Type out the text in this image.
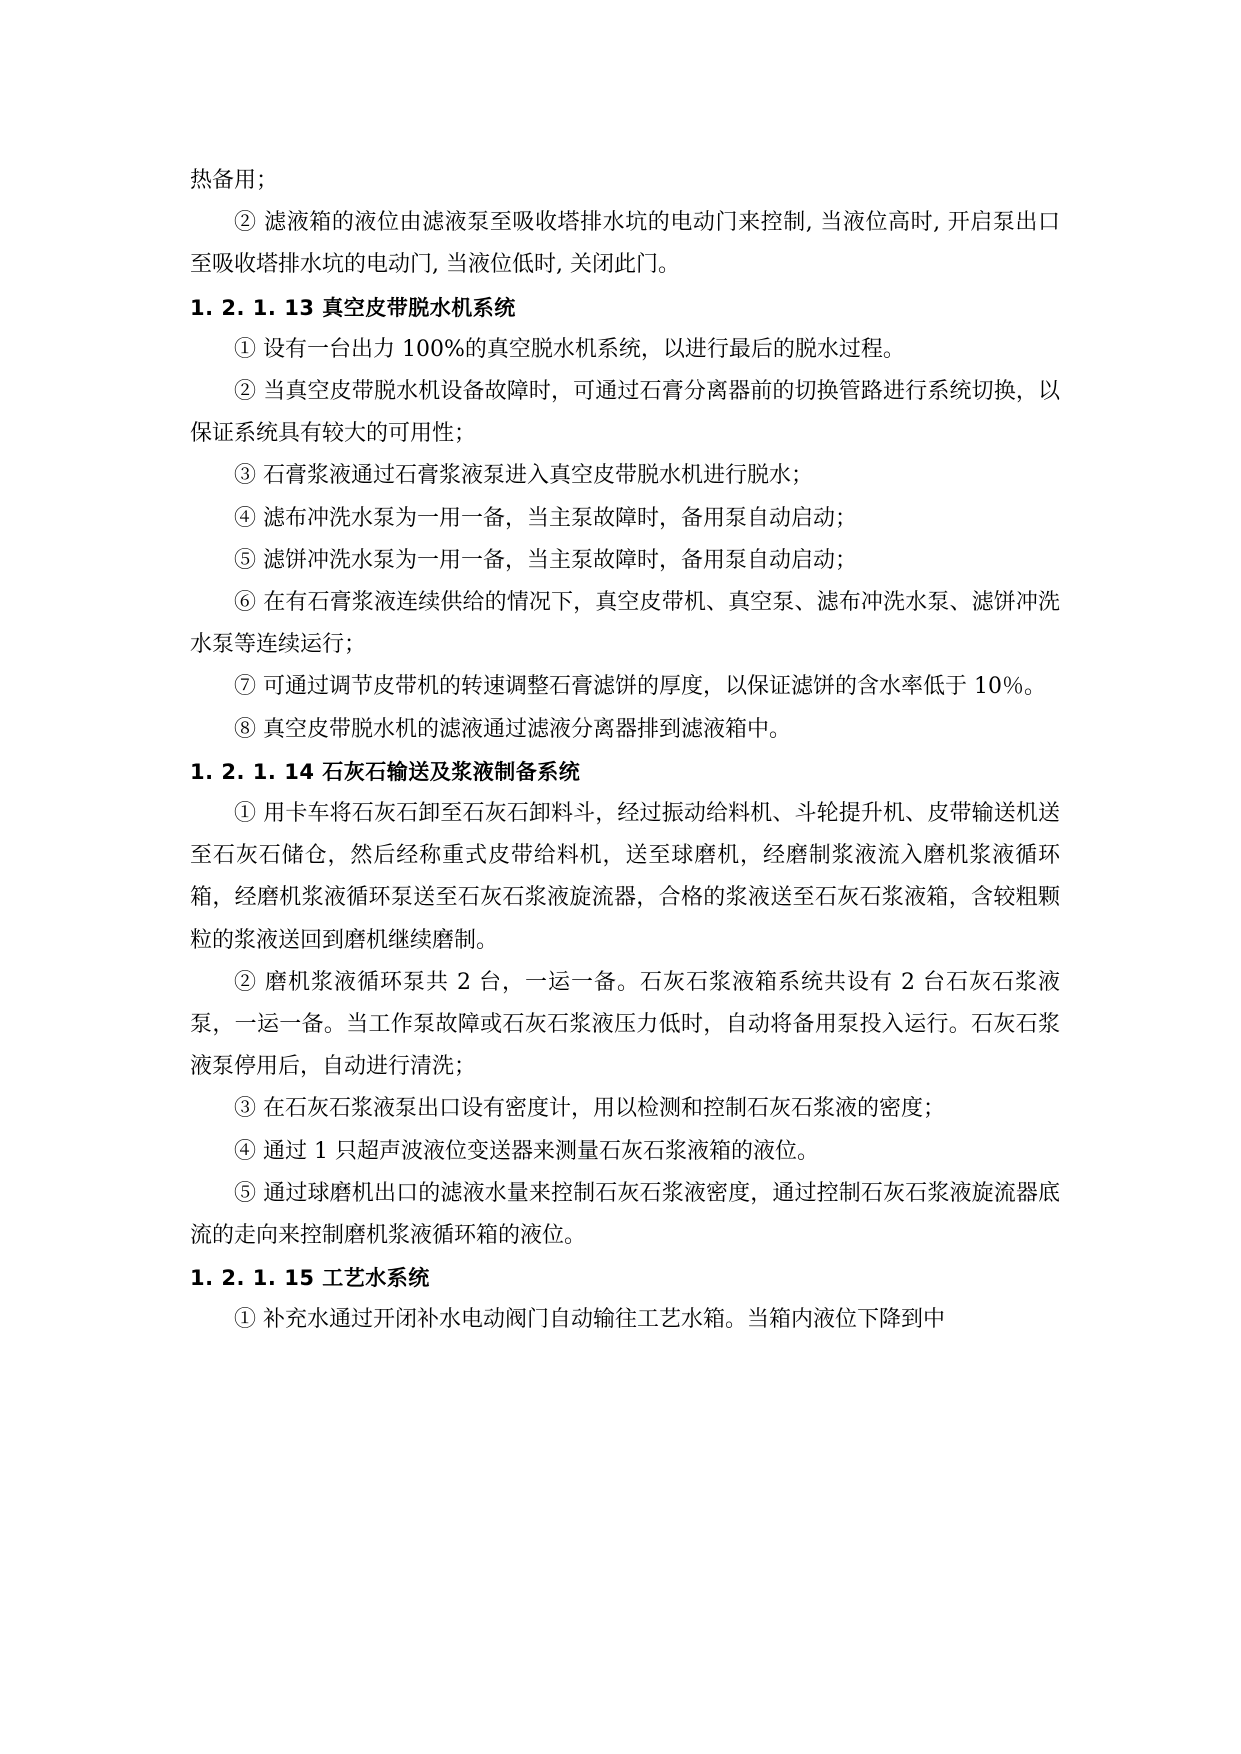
热备用；

② 滤液箱的液位由滤液泵至吸收塔排水坑的电动门来控制, 当液位高时, 开启泵出口至吸收塔排水坑的电动门, 当液位低时, 关闭此门。

1. 2. 1. 13 真空皮带脱水机系统

① 设有一台出力 100%的真空脱水机系统，以进行最后的脱水过程。

② 当真空皮带脱水机设备故障时，可通过石膏分离器前的切换管路进行系统切换，以保证系统具有较大的可用性；

③ 石膏浆液通过石膏浆液泵进入真空皮带脱水机进行脱水；

④ 滤布冲洗水泵为一用一备，当主泵故障时，备用泵自动启动；

⑤ 滤饼冲洗水泵为一用一备，当主泵故障时，备用泵自动启动；

⑥ 在有石膏浆液连续供给的情况下，真空皮带机、真空泵、滤布冲洗水泵、滤饼冲洗水泵等连续运行；

⑦ 可通过调节皮带机的转速调整石膏滤饼的厚度，以保证滤饼的含水率低于 10％。

⑧ 真空皮带脱水机的滤液通过滤液分离器排到滤液箱中。

1. 2. 1. 14 石灰石输送及浆液制备系统

① 用卡车将石灰石卸至石灰石卸料斗，经过振动给料机、斗轮提升机、皮带输送机送至石灰石储仓，然后经称重式皮带给料机，送至球磨机，经磨制浆液流入磨机浆液循环箱，经磨机浆液循环泵送至石灰石浆液旋流器，合格的浆液送至石灰石浆液箱，含较粗颗粒的浆液送回到磨机继续磨制。

② 磨机浆液循环泵共 2 台，一运一备。石灰石浆液箱系统共设有 2 台石灰石浆液泵，一运一备。当工作泵故障或石灰石浆液压力低时，自动将备用泵投入运行。石灰石浆液泵停用后，自动进行清洗；

③ 在石灰石浆液泵出口设有密度计，用以检测和控制石灰石浆液的密度；

④ 通过 1 只超声波液位变送器来测量石灰石浆液箱的液位。

⑤ 通过球磨机出口的滤液水量来控制石灰石浆液密度，通过控制石灰石浆液旋流器底流的走向来控制磨机浆液循环箱的液位。

1. 2. 1. 15 工艺水系统

① 补充水通过开闭补水电动阀门自动输往工艺水箱。当箱内液位下降到中
